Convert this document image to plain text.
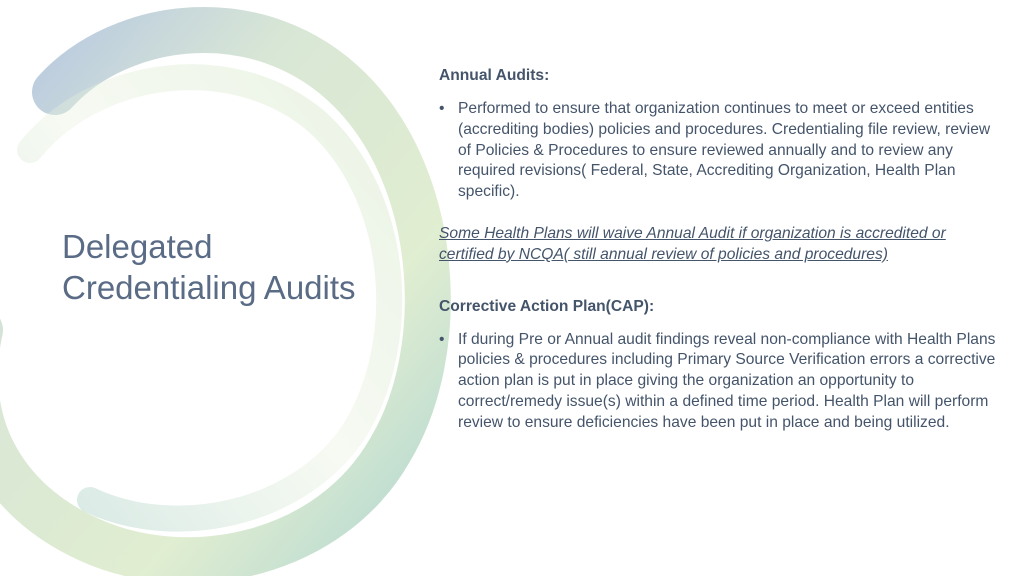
Delegated Credentialing Audits

Annual Audits:

• Performed to ensure that organization continues to meet or exceed entities (accrediting bodies) policies and procedures. Credentialing file review, review of Policies & Procedures to ensure reviewed annually and to review any required revisions( Federal, State, Accrediting Organization, Health Plan specific).

Some Health Plans will waive Annual Audit if organization is accredited or certified by NCQA( still annual review of policies and procedures)

Corrective Action Plan(CAP):

• If during Pre or Annual audit findings reveal non-compliance with Health Plans policies & procedures including Primary Source Verification errors a corrective action plan is put in place giving the organization an opportunity to correct/remedy issue(s) within a defined time period. Health Plan will perform review to ensure deficiencies have been put in place and being utilized.
